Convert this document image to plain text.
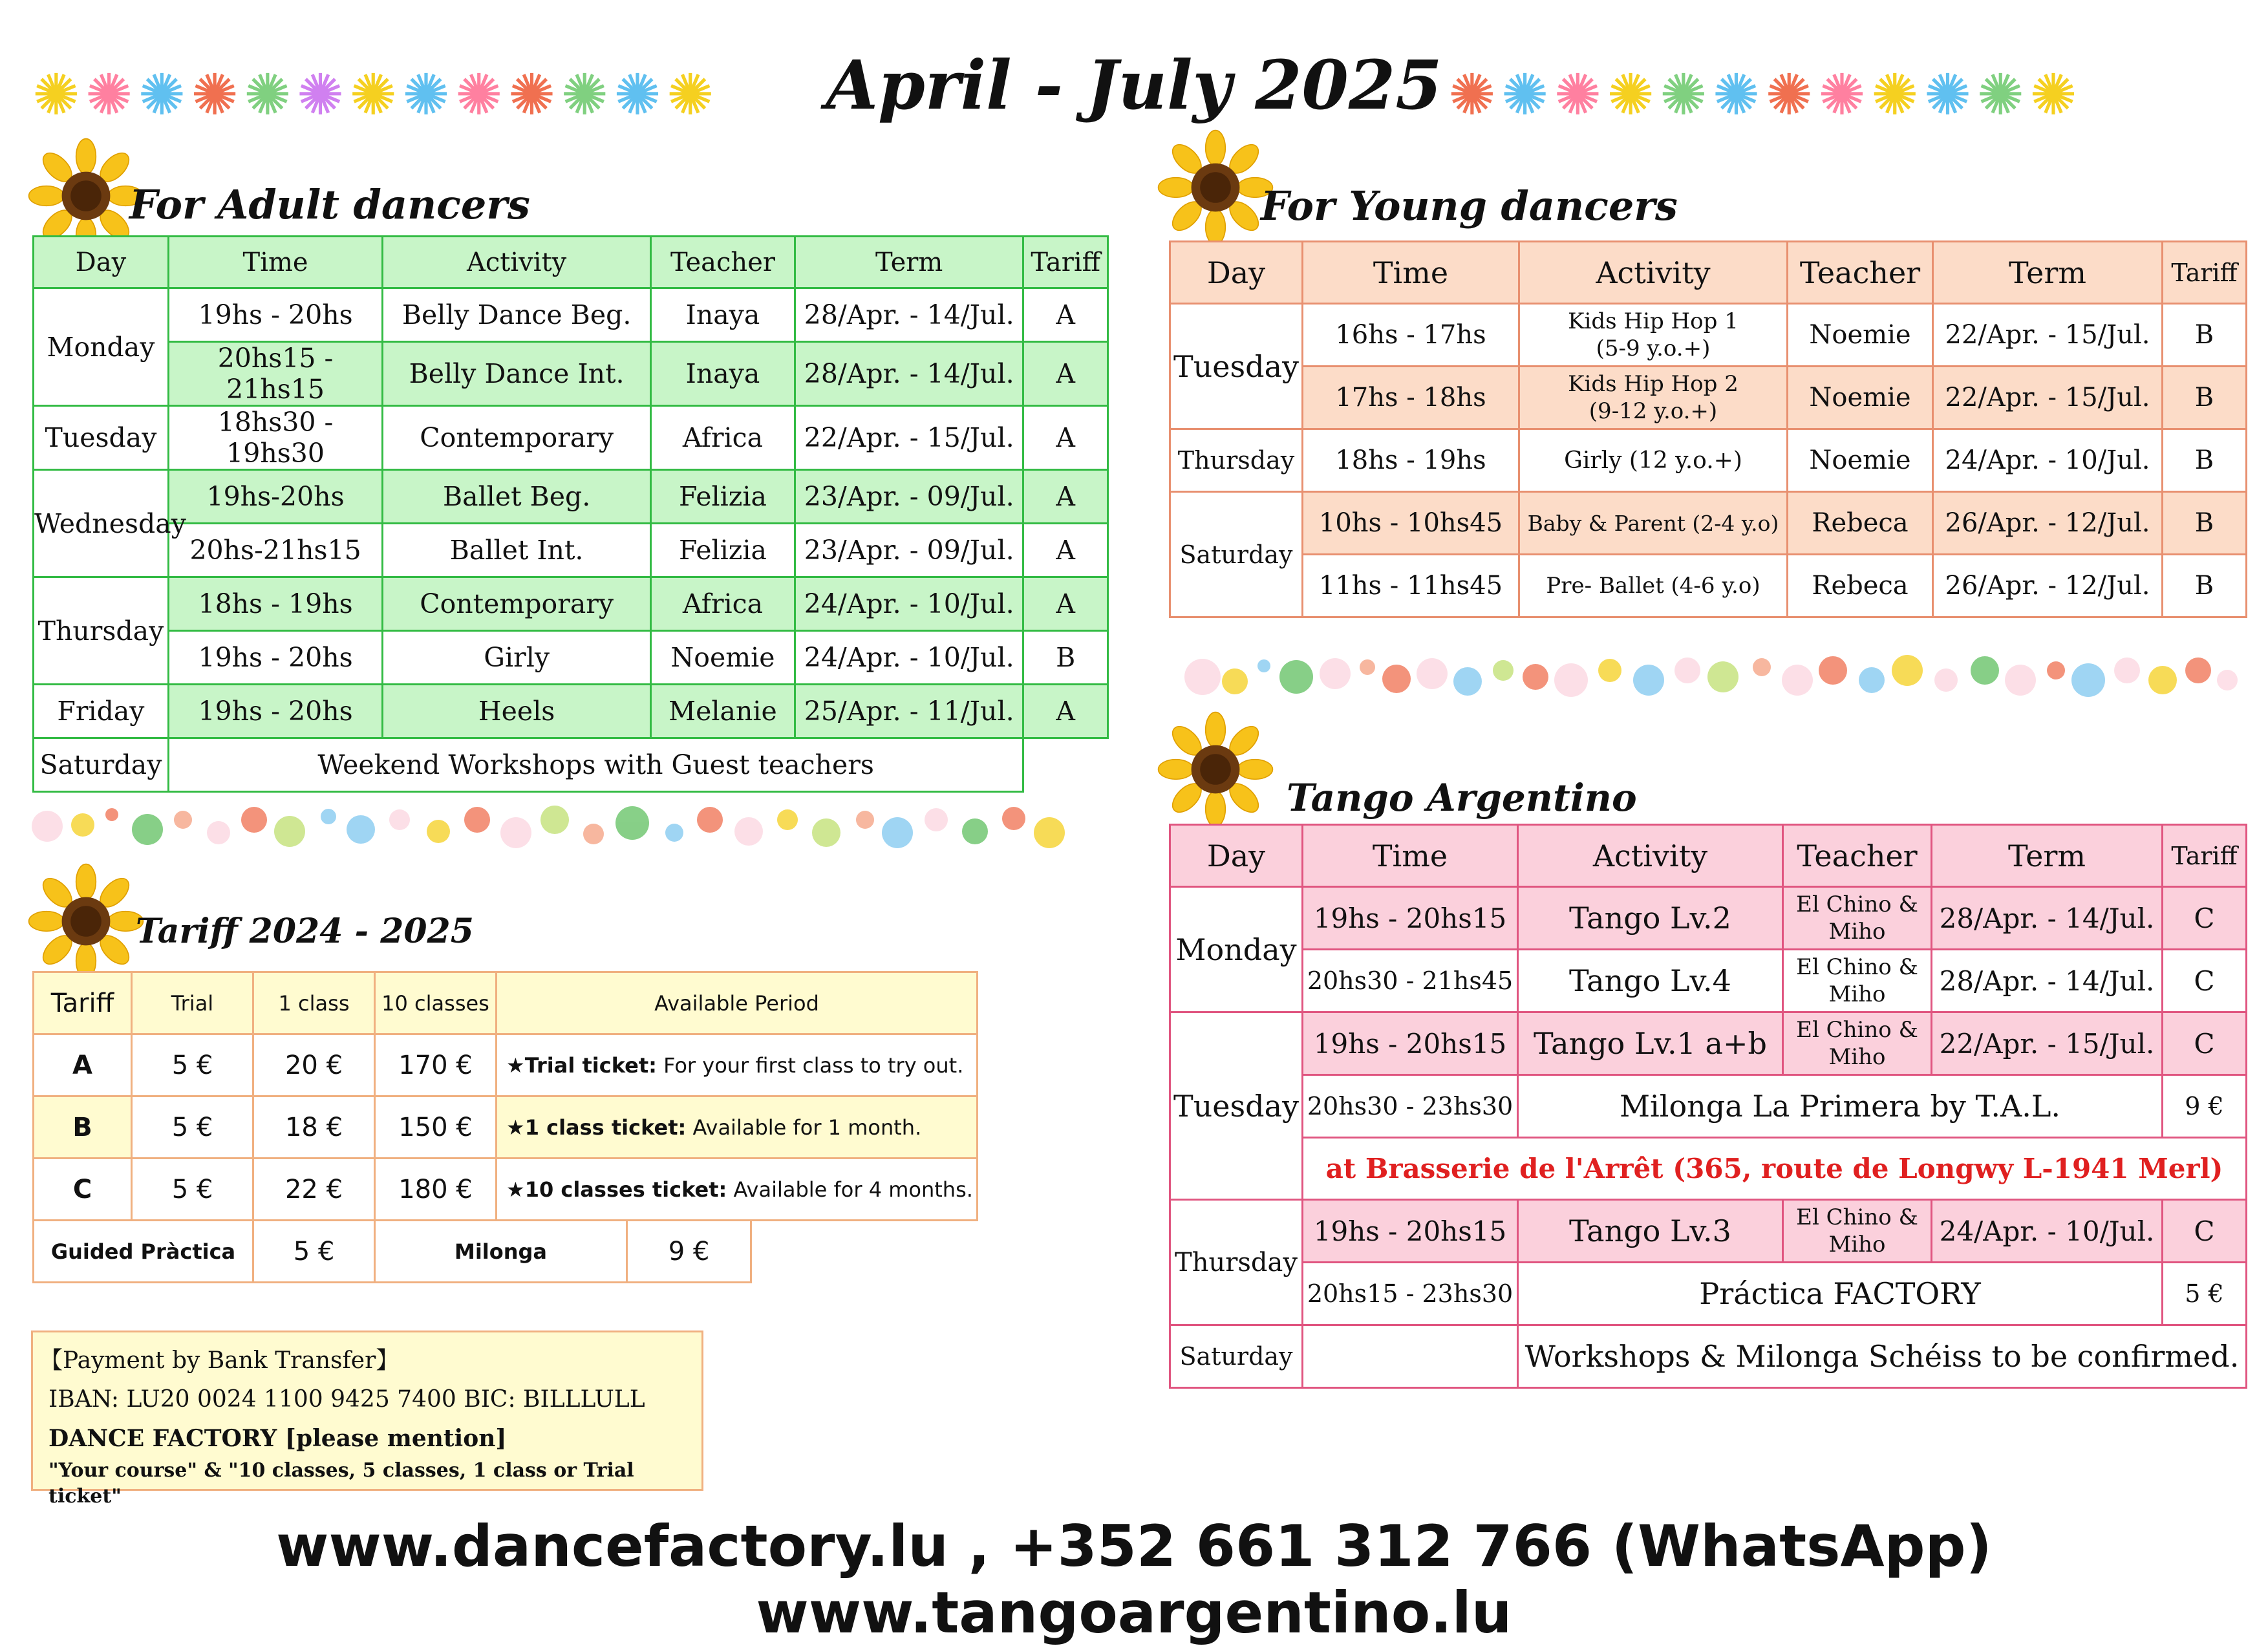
✺ ✺ ✺ ✺ ✺ ✺ ✺ ✺ ✺ ✺ ✺ ✺ ✺	April - July 2025 ✺ ✺ ✺ ✺ ✺ ✺ ✺ ✺ ✺ ✺ ✺ ✺
For Adult dancers
Day	Time	Activity	Teacher	Term	Tariff
Monday	19hs - 20hs	Belly Dance Beg.	Inaya	28/Apr. - 14/Jul.	A
	20hs15 - 21hs15	Belly Dance Int.	Inaya	28/Apr. - 14/Jul.	A
Tuesday	18hs30 - 19hs30	Contemporary	Africa	22/Apr. - 15/Jul.	A
Wednesday	19hs-20hs	Ballet Beg.	Felizia	23/Apr. - 09/Jul.	A
	20hs-21hs15	Ballet Int.	Felizia	23/Apr. - 09/Jul.	A
Thursday	18hs - 19hs	Contemporary	Africa	24/Apr. - 10/Jul.	A
	19hs - 20hs	Girly	Noemie	24/Apr. - 10/Jul.	B
Friday	19hs - 20hs	Heels	Melanie	25/Apr. - 11/Jul.	A
Saturday	Weekend Workshops with Guest teachers				
Tariff 2024 - 2025
Tariff	Trial	1 class	10 classes	Available Period
A	5 €	20 €	170 €	★Trial ticket: For your first class to try out.
B	5 €	18 €	150 €	★1 class ticket: Available for 1 month.
C	5 €	22 €	180 €	★10 classes ticket: Available for 4 months.
Guided Pràctica	5 €	Milonga	9 €
【Payment by Bank Transfer】
IBAN: LU20 0024 1100 9425 7400 BIC: BILLLULL
DANCE FACTORY [please mention]
"Your course" & "10 classes, 5 classes, 1 class or Trial ticket"
For Young dancers
Day	Time	Activity	Teacher	Term	Tariff
Tuesday	16hs - 17hs	Kids Hip Hop 1
(5-9 y.o.+)	Noemie	22/Apr. - 15/Jul.	B
	17hs - 18hs	Kids Hip Hop 2
(9-12 y.o.+)	Noemie	22/Apr. - 15/Jul.	B
Thursday	18hs - 19hs	Girly (12 y.o.+)	Noemie	24/Apr. - 10/Jul.	B
Saturday	10hs - 10hs45	Baby & Parent (2-4 y.o)	Rebeca	26/Apr. - 12/Jul.	B
	11hs - 11hs45	Pre- Ballet (4-6 y.o)	Rebeca	26/Apr. - 12/Jul.	B
Tango Argentino
Day	Time	Activity	Teacher	Term	Tariff
Monday	19hs - 20hs15	Tango Lv.2	El Chino &
Miho	28/Apr. - 14/Jul.	C
	20hs30 - 21hs45	Tango Lv.4	El Chino &
Miho	28/Apr. - 14/Jul.	C
Tuesday	19hs - 20hs15	Tango Lv.1 a+b	El Chino &
Miho	22/Apr. - 15/Jul.	C
	20hs30 - 23hs30	Milonga La Primera by T.A.L.			9 €
	at Brasserie de l'Arrêt (365, route de Longwy L-1941 Merl)				
Thursday	19hs - 20hs15	Tango Lv.3	El Chino &
Miho	24/Apr. - 10/Jul.	C
	20hs15 - 23hs30	Práctica FACTORY			5 €
Saturday		Workshops & Milonga Schéiss to be confirmed.			
www.dancefactory.lu , +352 661 312 766 (WhatsApp) www.tangoargentino.lu
